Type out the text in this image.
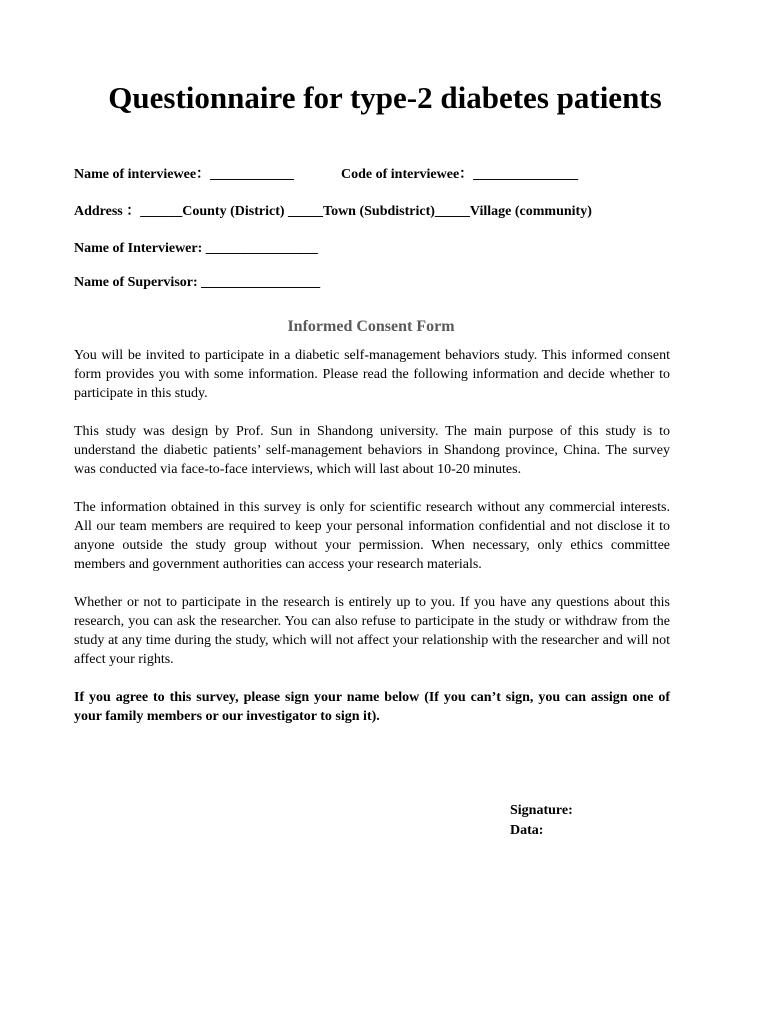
Questionnaire for type-2 diabetes patients
Name of interviewee：____________	Code of interviewee：_______________
Address ：______County (District) _____Town (Subdistrict)_____Village (community)
Name of Interviewer: ________________
Name of Supervisor: _________________
Informed Consent Form

You will be invited to participate in a diabetic self-management behaviors study. This informed consent form provides you with some information. Please read the following information and decide whether to participate in this study.

This study was design by Prof. Sun in Shandong university. The main purpose of this study is to understand the diabetic patients’ self-management behaviors in Shandong province, China. The survey was conducted via face-to-face interviews, which will last about 10-20 minutes.

The information obtained in this survey is only for scientific research without any commercial interests. All our team members are required to keep your personal information confidential and not disclose it to anyone outside the study group without your permission. When necessary, only ethics committee members and government authorities can access your research materials.

Whether or not to participate in the research is entirely up to you. If you have any questions about this research, you can ask the researcher. You can also refuse to participate in the study or withdraw from the study at any time during the study, which will not affect your relationship with the researcher and will not affect your rights.

If you agree to this survey, please sign your name below (If you can’t sign, you can assign one of your family members or our investigator to sign it).

Signature:
Data:
